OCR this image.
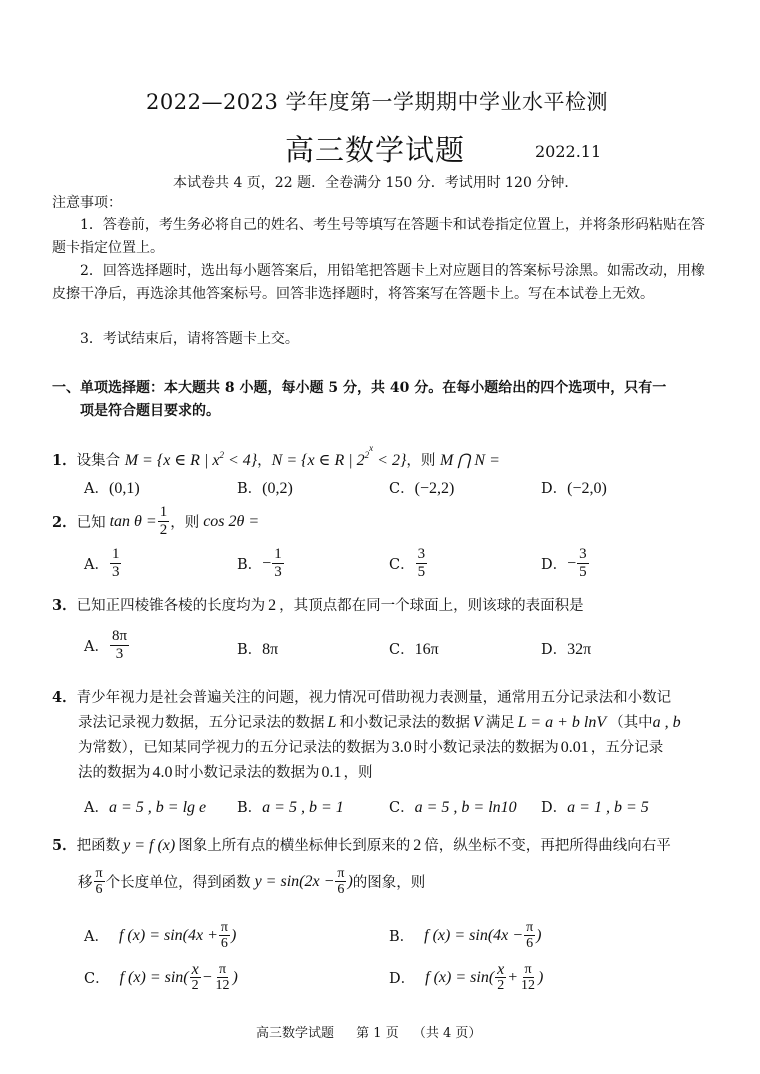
2022—2023 学年度第一学期期中学业水平检测
高三数学试题	2022.11
本试卷共 4 页，22 题．全卷满分 150 分．考试用时 120 分钟．
注意事项：
1．答卷前，考生务必将自己的姓名、考生号等填写在答题卡和试卷指定位置上，并将条形码粘贴在答题卡指定位置上。
2．回答选择题时，选出每小题答案后，用铅笔把答题卡上对应题目的答案标号涂黑。如需改动，用橡皮擦干净后，再选涂其他答案标号。回答非选择题时，将答案写在答题卡上。写在本试卷上无效。
3．考试结束后，请将答题卡上交。
一、单项选择题：本大题共 8 小题，每小题 5 分，共 40 分。在每小题给出的四个选项中，只有一
项是符合题目要求的。
1．设集合 M = {x ∈ R | $x^2 < 4$}，N = {x ∈ R | $2^{2^x} < 2$}，则 M ⋂ N =
A．(0,1)	B．(0,2)	C．(−2,2)	D．(−2,0)
2． 已知 $\tan \theta = \frac{1}{2}$ ，则 cos 2θ =
A． $\frac{1}{3}$	B． − $\frac{1}{3}$	C． $\frac{3}{5}$	D． − $\frac{3}{5}$
3．已知正四棱锥各棱的长度均为 2 ，其顶点都在同一个球面上，则该球的表面积是
A． $\frac{8\pi}{3}$	B．8π	C．16π	D．32π
4．青少年视力是社会普遍关注的问题，视力情况可借助视力表测量，通常用五分记录法和小数记
录法记录视力数据，五分记录法的数据 L 和小数记录法的数据 V 满足 L = a + b lnV （其中a , b
为常数），已知某同学视力的五分记录法的数据为 3.0 时小数记录法的数据为 0.01 ，五分记录
法的数据为 4.0 时小数记录法的数据为 0.1 ，则
A．a = 5 , b = lg e B．a = 5 , b = 1	C．a = 5 , b = ln10 D．a = 1 , b = 5
5．把函数 y = f (x) 图象上所有点的横坐标伸长到原来的 2 倍，纵坐标不变，再把所得曲线向右平
移 $\frac{\pi}{6}$ 个长度单位，得到函数 $y = \sin(2x - \frac{\pi}{6}$ ) 的图象，则
A． f $(x) = \sin(4x + \frac{\pi}{6}$ )	B． f $(x) = \sin(4x - \frac{\pi}{6}$ )
C． f $(x) = \sin( \frac{x}{2} - \frac{\pi}{12}$ )	D． f $(x) = \sin( \frac{x}{2} + \frac{\pi}{12}$ )
高三数学试题 第 1 页 （共 4 页）
